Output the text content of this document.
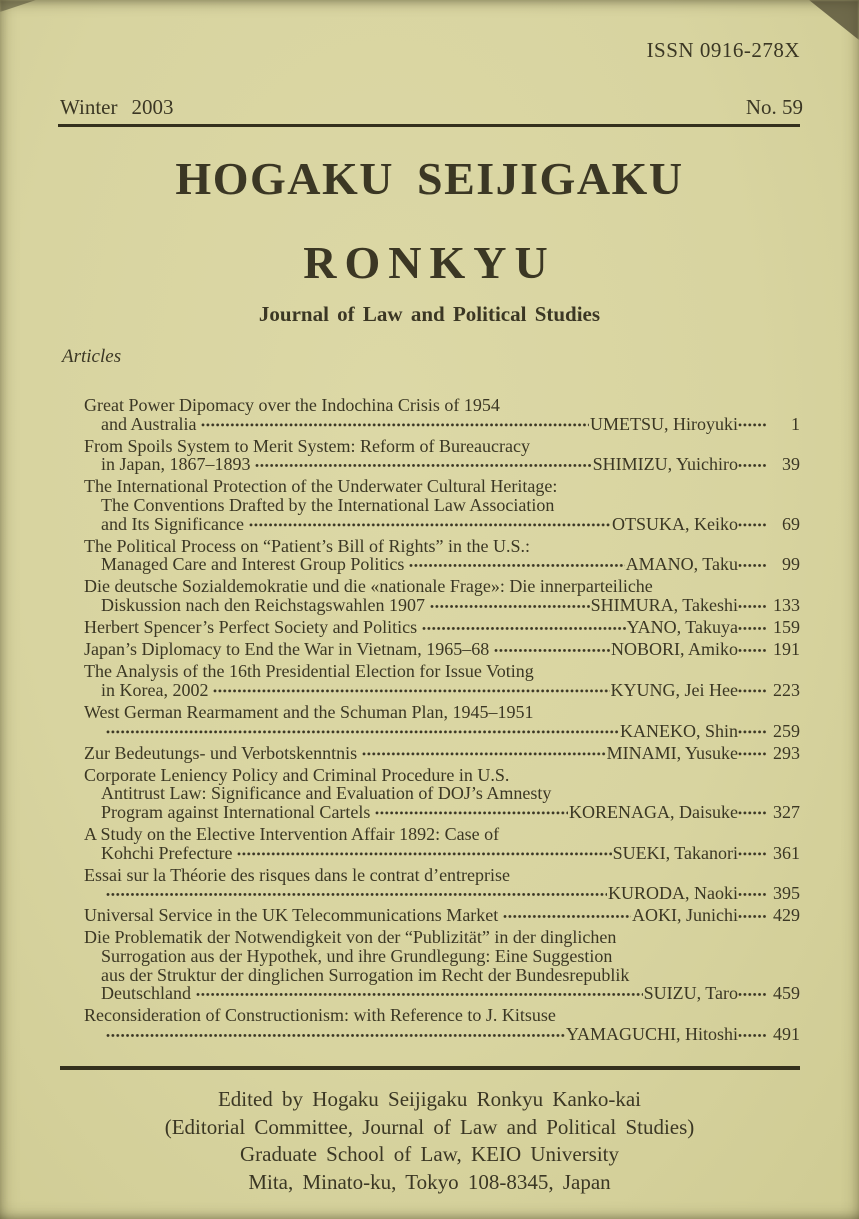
ISSN 0916-278X
Winter 2003	No. 59
HOGAKU SEIJIGAKU
RONKYU
Journal of Law and Political Studies
Articles
Great Power Dipomacy over the Indochina Crisis of 1954
and Australia	UMETSU, Hiroyuki	1
From Spoils System to Merit System: Reform of Bureaucracy
in Japan, 1867–1893	SHIMIZU, Yuichiro	39
The International Protection of the Underwater Cultural Heritage:
The Conventions Drafted by the International Law Association
and Its Significance	OTSUKA, Keiko	69
The Political Process on “Patient’s Bill of Rights” in the U.S.:
Managed Care and Interest Group Politics	AMANO, Taku	99
Die deutsche Sozialdemokratie und die «nationale Frage»: Die innerparteiliche
Diskussion nach den Reichstagswahlen 1907	SHIMURA, Takeshi	133
Herbert Spencer’s Perfect Society and Politics	YANO, Takuya	159
Japan’s Diplomacy to End the War in Vietnam, 1965–68	NOBORI, Amiko	191
The Analysis of the 16th Presidential Election for Issue Voting
in Korea, 2002	KYUNG, Jei Hee	223
West German Rearmament and the Schuman Plan, 1945–1951
KANEKO, Shin	259
Zur Bedeutungs- und Verbotskenntnis	MINAMI, Yusuke	293
Corporate Leniency Policy and Criminal Procedure in U.S.
Antitrust Law: Significance and Evaluation of DOJ’s Amnesty
Program against International Cartels	KORENAGA, Daisuke	327
A Study on the Elective Intervention Affair 1892: Case of
Kohchi Prefecture	SUEKI, Takanori	361
Essai sur la Théorie des risques dans le contrat d’entreprise
KURODA, Naoki	395
Universal Service in the UK Telecommunications Market	AOKI, Junichi	429
Die Problematik der Notwendigkeit von der “Publizität” in der dinglichen
Surrogation aus der Hypothek, und ihre Grundlegung: Eine Suggestion
aus der Struktur der dinglichen Surrogation im Recht der Bundesrepublik
Deutschland	SUIZU, Taro	459
Reconsideration of Constructionism: with Reference to J. Kitsuse
YAMAGUCHI, Hitoshi	491
Edited by Hogaku Seijigaku Ronkyu Kanko-kai
(Editorial Committee, Journal of Law and Political Studies)
Graduate School of Law, KEIO University
Mita, Minato-ku, Tokyo 108-8345, Japan
